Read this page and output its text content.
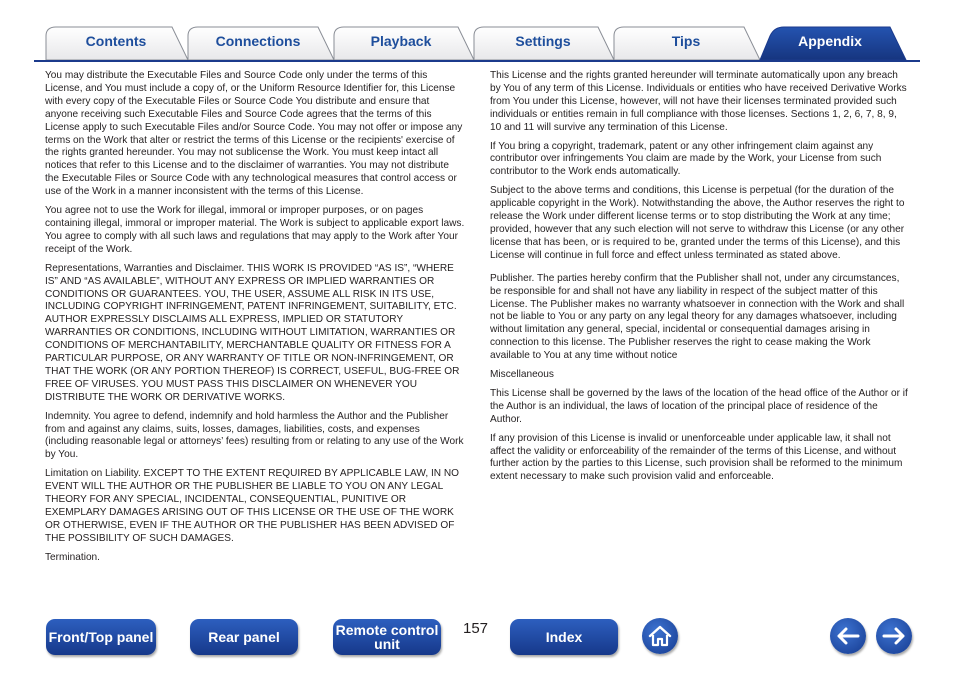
Contents	Connections	Playback	Settings	Tips	Appendix

You may distribute the Executable Files and Source Code only under the terms of this License, and You must include a copy of, or the Uniform Resource Identifier for, this License with every copy of the Executable Files or Source Code You distribute and ensure that anyone receiving such Executable Files and Source Code agrees that the terms of this License apply to such Executable Files and/or Source Code. You may not offer or impose any terms on the Work that alter or restrict the terms of this License or the recipients' exercise of the rights granted hereunder. You may not sublicense the Work. You must keep intact all notices that refer to this License and to the disclaimer of warranties. You may not distribute the Executable Files or Source Code with any technological measures that control access or use of the Work in a manner inconsistent with the terms of this License.

You agree not to use the Work for illegal, immoral or improper purposes, or on pages containing illegal, immoral or improper material. The Work is subject to applicable export laws. You agree to comply with all such laws and regulations that may apply to the Work after Your receipt of the Work.

Representations, Warranties and Disclaimer. THIS WORK IS PROVIDED “AS IS”, “WHERE IS” AND “AS AVAILABLE”, WITHOUT ANY EXPRESS OR IMPLIED WARRANTIES OR CONDITIONS OR GUARANTEES. YOU, THE USER, ASSUME ALL RISK IN ITS USE, INCLUDING COPYRIGHT INFRINGEMENT, PATENT INFRINGEMENT, SUITABILITY, ETC. AUTHOR EXPRESSLY DISCLAIMS ALL EXPRESS, IMPLIED OR STATUTORY WARRANTIES OR CONDITIONS, INCLUDING WITHOUT LIMITATION, WARRANTIES OR CONDITIONS OF MERCHANTABILITY, MERCHANTABLE QUALITY OR FITNESS FOR A PARTICULAR PURPOSE, OR ANY WARRANTY OF TITLE OR NON-INFRINGEMENT, OR THAT THE WORK (OR ANY PORTION THEREOF) IS CORRECT, USEFUL, BUG-FREE OR FREE OF VIRUSES. YOU MUST PASS THIS DISCLAIMER ON WHENEVER YOU DISTRIBUTE THE WORK OR DERIVATIVE WORKS.

Indemnity. You agree to defend, indemnify and hold harmless the Author and the Publisher from and against any claims, suits, losses, damages, liabilities, costs, and expenses (including reasonable legal or attorneys’ fees) resulting from or relating to any use of the Work by You.

Limitation on Liability. EXCEPT TO THE EXTENT REQUIRED BY APPLICABLE LAW, IN NO EVENT WILL THE AUTHOR OR THE PUBLISHER BE LIABLE TO YOU ON ANY LEGAL THEORY FOR ANY SPECIAL, INCIDENTAL, CONSEQUENTIAL, PUNITIVE OR EXEMPLARY DAMAGES ARISING OUT OF THIS LICENSE OR THE USE OF THE WORK OR OTHERWISE, EVEN IF THE AUTHOR OR THE PUBLISHER HAS BEEN ADVISED OF THE POSSIBILITY OF SUCH DAMAGES.

Termination.

This License and the rights granted hereunder will terminate automatically upon any breach by You of any term of this License. Individuals or entities who have received Derivative Works from You under this License, however, will not have their licenses terminated provided such individuals or entities remain in full compliance with those licenses. Sections 1, 2, 6, 7, 8, 9, 10 and 11 will survive any termination of this License.

If You bring a copyright, trademark, patent or any other infringement claim against any contributor over infringements You claim are made by the Work, your License from such contributor to the Work ends automatically.

Subject to the above terms and conditions, this License is perpetual (for the duration of the applicable copyright in the Work). Notwithstanding the above, the Author reserves the right to release the Work under different license terms or to stop distributing the Work at any time; provided, however that any such election will not serve to withdraw this License (or any other license that has been, or is required to be, granted under the terms of this License), and this License will continue in full force and effect unless terminated as stated above.

Publisher. The parties hereby confirm that the Publisher shall not, under any circumstances, be responsible for and shall not have any liability in respect of the subject matter of this License. The Publisher makes no warranty whatsoever in connection with the Work and shall not be liable to You or any party on any legal theory for any damages whatsoever, including without limitation any general, special, incidental or consequential damages arising in connection to this license. The Publisher reserves the right to cease making the Work available to You at any time without notice

Miscellaneous

This License shall be governed by the laws of the location of the head office of the Author or if the Author is an individual, the laws of location of the principal place of residence of the Author.

If any provision of this License is invalid or unenforceable under applicable law, it shall not affect the validity or enforceability of the remainder of the terms of this License, and without further action by the parties to this License, such provision shall be reformed to the minimum extent necessary to make such provision valid and enforceable.

Front/Top panel	Rear panel	Remote control unit
157	Index
